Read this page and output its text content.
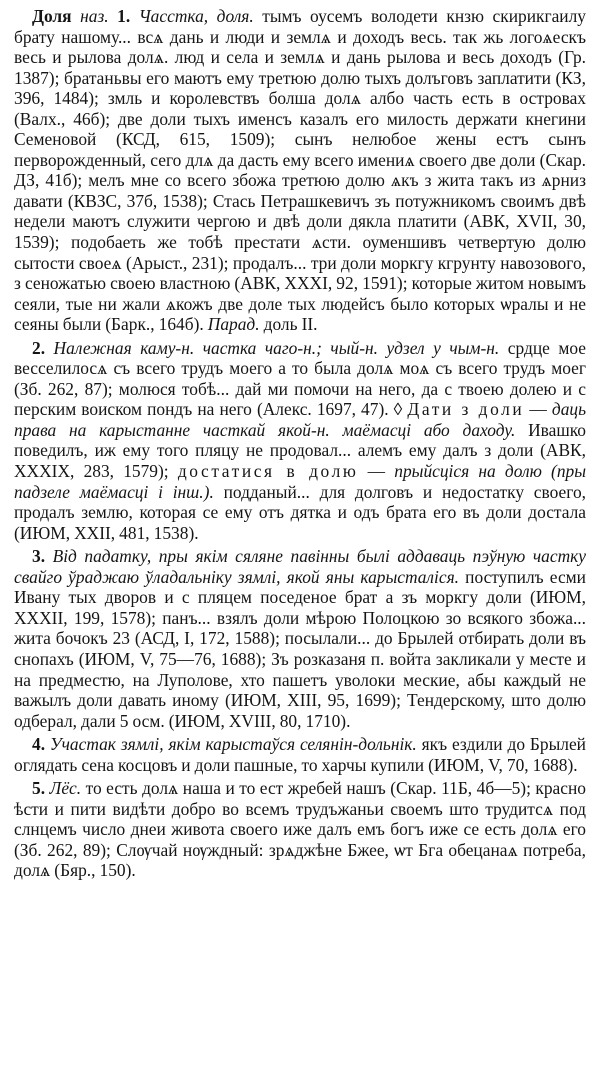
Доля наз. 1. Часстка, доля. тымъ оусемъ володети кнзю скирикгаилу брату нашому... всѧ дань и люди и землѧ и доходъ весь. так жь логоѧескъ весь и рылова долѧ. люд и села и землѧ и дань рылова и весь доходъ (Гр. 1387); братаньвы его маютъ ему третюю долю тыхъ долъговъ заплатити (КЗ, 396, 1484); змль и королевствъ болша долѧ албо часть есть в островах (Валх., 46б); две доли тыхъ именсъ казалъ его милость держати кнегини Семеновой (КСД, 615, 1509); сынъ нелюбое жены естъ сынъ перворожденный, сего длѧ да дасть ему всего имениѧ своего две доли (Скар. ДЗ, 41б); мелъ мне со всего збожа третюю долю ѧкъ з жита такъ из ѧрниз давати (КВЗС, 37б, 1538); Стась Петрашкевичъ зъ потужникомъ своимъ двѣ недели маютъ служити чергою и двѣ доли дякла платити (АВК, XVII, 30, 1539); подобаеть же тобѣ престати ѧсти. оуменшивъ четвертую долю сытости своеѧ (Арыст., 231); продалъ... три доли моркгу кгрунту навозового, з сеножатью своею властною (АВК, XXXI, 92, 1591); которые житом новымъ сеяли, тые ни жали ѧкожъ две доле тых людейсъ было которых ѡралы и не сеяны были (Барк., 164б). Парад. доль II.

2. Належная каму-н. частка чаго-н.; чый-н. удзел у чым-н. срдце мое весселилосѧ съ всего трудъ моего а то была долѧ моѧ съ всего трудъ моег (Зб. 262, 87); молюся тобѣ... дай ми помочи на него, да с твоею долею и с перским воиском пондъ на него (Алекс. 1697, 47). ◊ Дати з доли — даць права на карыстанне часткай якой-н. маёмасці або даходу. Ивашко поведилъ, иж ему того пляцу не продовал... алемъ ему далъ з доли (АВК, XXXIX, 283, 1579); достатися в долю — прыйсціся на долю (пры падзеле маёмасці і інш.). подданый... для долговъ и недостатку своего, продалъ землю, которая се ему отъ дятка и одъ брата его въ доли достала (ИЮМ, XXII, 481, 1538).

3. Від падатку, пры якім сяляне павінны былі аддаваць пэўную частку свайго ўраджаю ўладальніку зямлі, якой яны карысталіся. поступилъ есми Ивану тых дворов и с пляцем поседеное брат а зъ моркгу доли (ИЮМ, XXXII, 199, 1578); панъ... взялъ доли мѣрою Полоцкою зо всякого збожа... жита бочокъ 23 (АСД, I, 172, 1588); посылали... до Брылей отбирать доли въ снопахъ (ИЮМ, V, 75—76, 1688); Зъ розказаня п. войта закликали у месте и на предместю, на Луполове, хто пашетъ уволоки меские, абы каждый не важылъ доли давать иному (ИЮМ, XIII, 95, 1699); Тендерскому, што долю одберал, дали 5 осм. (ИЮМ, XVIII, 80, 1710).

4. Участак зямлі, якім карыстаўся селянін-дольнік. якъ ездили до Брылей оглядать сена косцовъ и доли пашные, то харчы купили (ИЮМ, V, 70, 1688).

5. Лёс. то есть долѧ наша и то ест жребей нашъ (Скар. 11Б, 4б—5); красно ѣсти и пити видѣти добро во всемъ трудъжаньи своемъ што трудитсѧ под слнцемъ число днеи живота своего иже далъ емъ богъ иже се есть долѧ его (Зб. 262, 89); Слѹчай нѹждный: зрѧджѣне Бжее, ѡт Бга обецанаѧ потреба, долѧ (Бяр., 150).
